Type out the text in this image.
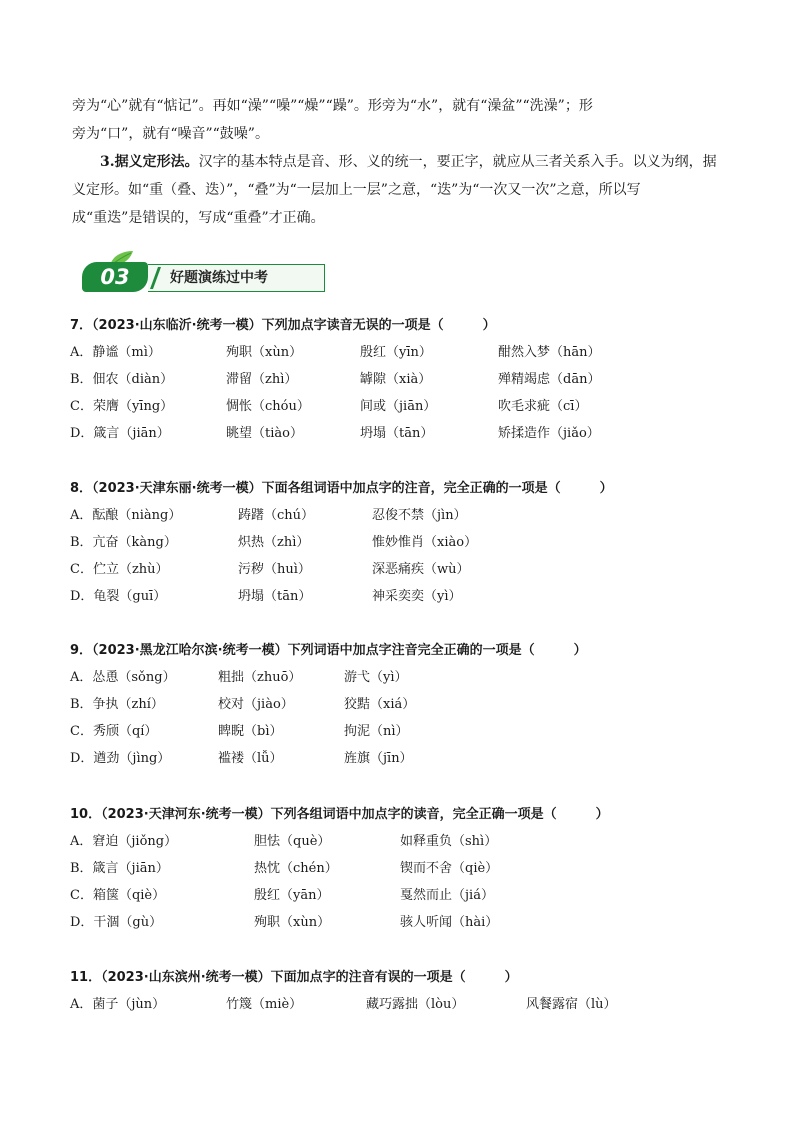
旁为“心”就有“惦记”。再如“澡”“噪”“燥”“躁”。形旁为“水”，就有“澡盆”“洗澡”；形
旁为“口”，就有“噪音”“鼓噪”。
3.据义定形法。汉字的基本特点是音、形、义的统一，要正字，就应从三者关系入手。以义为纲，据
义定形。如“重（叠、迭）”，“叠”为“一层加上一层”之意，“迭”为“一次又一次”之意，所以写
成“重迭”是错误的，写成“重叠”才正确。
03	好题演练过中考
7．（2023·山东临沂·统考一模）下列加点字读音无误的一项是（　　　）
A．静谧（mì）	殉职（xùn）	殷红（yīn）	酣然入梦（hān）
B．佃农（diàn）	滞留（zhì）	罅隙（xià）	殚精竭虑（dān）
C．荣膺（yīng）	惆怅（chóu）	间或（jiān）	吹毛求疵（cī）
D．箴言（jiān）	眺望（tiào）	坍塌（tān）	矫揉造作（jiǎo）
8．（2023·天津东丽·统考一模）下面各组词语中加点字的注音，完全正确的一项是（　　　）
A．酝酿（niàng）	踌躇（chú）	忍俊不禁（jìn）
B．亢奋（kàng）	炽热（zhì）	惟妙惟肖（xiào）
C．伫立（zhù）	污秽（huì）	深恶痛疾（wù）
D．龟裂（guī）	坍塌（tān）	神采奕奕（yì）
9．（2023·黑龙江哈尔滨·统考一模）下列词语中加点字注音完全正确的一项是（　　　）
A．怂恿（sǒng）	粗拙（zhuō）	游弋（yì）
B．争执（zhí）	校对（jiào）	狡黠（xiá）
C．秀颀（qí）	睥睨（bì）	拘泥（nì）
D．遒劲（jìng）	褴褛（lǚ）	旌旗（jīn）
10．（2023·天津河东·统考一模）下列各组词语中加点字的读音，完全正确一项是（　　　）
A．窘迫（jiǒng）	胆怯（què）	如释重负（shì）
B．箴言（jiān）	热忱（chén）	锲而不舍（qiè）
C．箱箧（qiè）	殷红（yān）	戛然而止（jiá）
D．干涸（gù）	殉职（xùn）	骇人听闻（hài）
11．（2023·山东滨州·统考一模）下面加点字的注音有误的一项是（　　　）
A．菌子（jùn）	竹篾（miè）	藏巧露拙（lòu）	风餐露宿（lù）
